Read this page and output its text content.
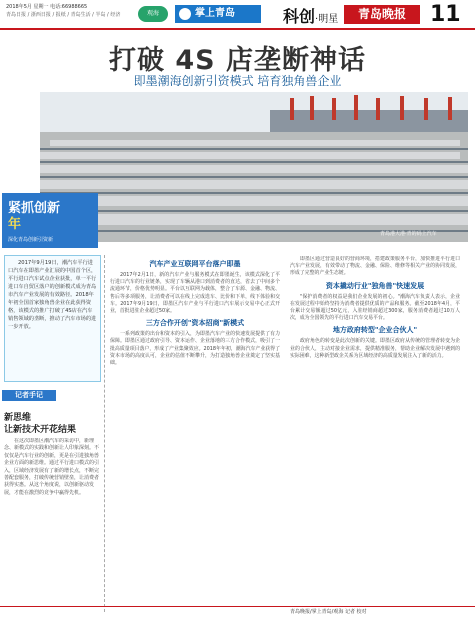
2018年5月 星期一 电话:66988665
青岛日报 / 浙西日报 / 报纸 / 青岛生活 / 半岛 / 经济	观海	掌上青岛	科创·明星	青岛晚报	11
打破 4S 店垄断神话
即墨潮海创新引资模式 培育独角兽企业
青岛港大港·青的码上汽车
紧抓创新
年
深化青岛创新引资新

2017年9月19日，潮汽车平行进口汽车在即墨产业汇展的中国首个区，平行进口汽车试点企业获批，单一平行进口车自贸区落户的创新模式成为青岛市汽车产业发展的有效路径。2018年年初全国首家独角兽企业在此获得资格，该模式的推广打破了4S店在汽车销售领域的垄断，推动了汽车市场的进一步开放。

记者手记
新思维
让新技术开花结果

在这次即墨区潮汽车的采访中，新理念、新模式的实践和创新让人印象深刻。不仅仅是汽车行业的创新，更是在引进独角兽企业方面的新思维。通过平行进口模式的引入，区域经济发展有了新的增长点，不断完善配套服务，打破传统营销壁垒，让消费者获得实惠。从这个角度说，以创新驱动发展，才能在激烈的竞争中赢得先机。

汽车产业互联网平台落户即墨

2017年2月1日，新的汽车产业与服务模式在即墨诞生，该模式深化了平行进口汽车的行业链条，实现了车辆从港口到消费者的直达，省去了中间多个流通环节，价格优势明显。平台以互联网为载体，整合了车源、金融、物流、售后等多项服务，让消费者可以在线上完成选车、比价和下单，线下体验和交车。2017年9月19日，即墨区汽车产业与平行进口汽车展示交易中心正式开业，首批进驻企业超过50家。

三方合作开创"资本招商"新模式

一系列政策的出台和资本的引入，为即墨汽车产业的快速发展提供了有力保障。即墨区通过政府引导、资本运作、企业落地的三方合作模式，吸引了一批高质量项目落户，形成了产业集聚效应。2018年年初，潮海汽车产业获得了资本市场的高度认可，企业的估值不断攀升，为打造独角兽企业奠定了坚实基础。

即墨区通过营造良好的营商环境，搭建政策服务平台，加快推进平行进口汽车产业发展，有效带动了物流、金融、保险、维修等相关产业的协同发展，形成了完整的产业生态链。

资本撬动行业"独角兽"快速发展

"保护消费者的权益是我们企业发展的初心。"潮海汽车负责人表示，企业在发展过程中始终坚持为消费者提供优质的产品和服务。截至2018年4月，平台累计交易额超过50亿元，入驻经销商超过300家，服务消费者超过10万人次，成为全国领先的平行进口汽车交易平台。

地方政府转型"企业合伙人"

政府角色的转变是此次创新的关键。即墨区政府从传统的管理者转变为企业的合伙人，主动对接企业需求，提供精准服务，帮助企业解决发展中遇到的实际困难，这种新型政企关系为区域经济的高质量发展注入了新的活力。

青岛晚报/掌上青岛/观海 记者 校对
